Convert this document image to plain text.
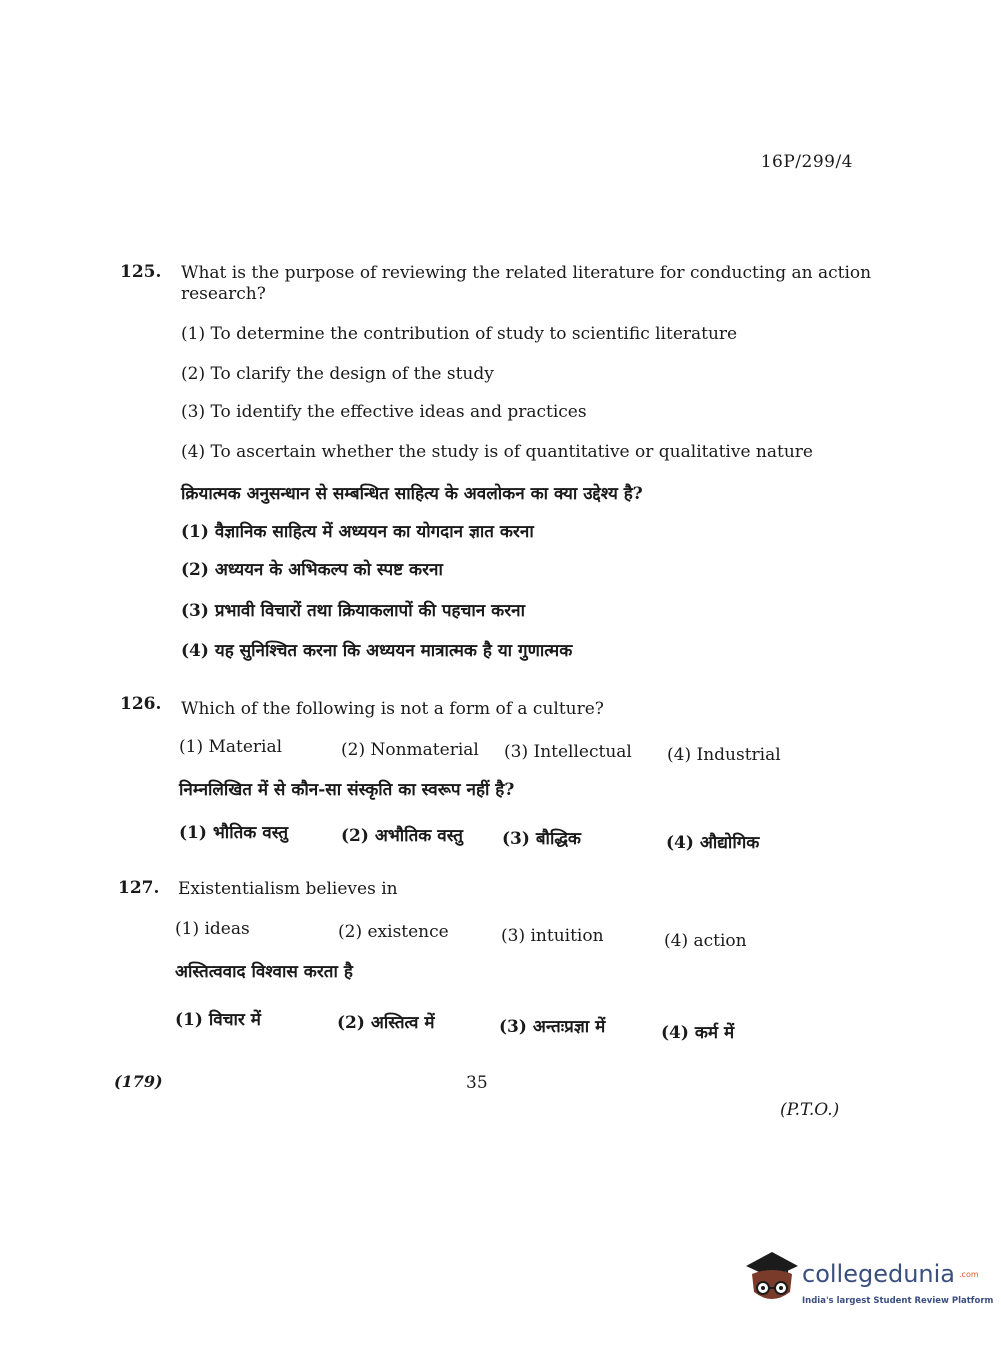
16P/299/4
125. What is the purpose of reviewing the related literature for conducting an action
research?
(1) To determine the contribution of study to scientific literature
(2) To clarify the design of the study
(3) To identify the effective ideas and practices
(4) To ascertain whether the study is of quantitative or qualitative nature
क्रियात्मक अनुसन्धान से सम्बन्धित साहित्य के अवलोकन का क्या उद्देश्य है?
(1) वैज्ञानिक साहित्य में अध्ययन का योगदान ज्ञात करना
(2) अध्ययन के अभिकल्प को स्पष्ट करना
(3) प्रभावी विचारों तथा क्रियाकलापों की पहचान करना
(4) यह सुनिश्चित करना कि अध्ययन मात्रात्मक है या गुणात्मक
126. Which of the following is not a form of a culture?
(1) Material	(2) Nonmaterial (3) Intellectual (4) Industrial
निम्नलिखित में से कौन-सा संस्कृति का स्वरूप नहीं है?
(1) भौतिक वस्तु	(2) अभौतिक वस्तु (3) बौद्धिक	(4) औद्योगिक
127. Existentialism believes in
(1) ideas	(2) existence	(3) intuition	(4) action
अस्तित्ववाद विश्वास करता है
(1) विचार में	(2) अस्तित्व में	(3) अन्तःप्रज्ञा में	(4) कर्म में
(179)	35
(P.T.O.)
collegedunia .com
India's largest Student Review Platform
